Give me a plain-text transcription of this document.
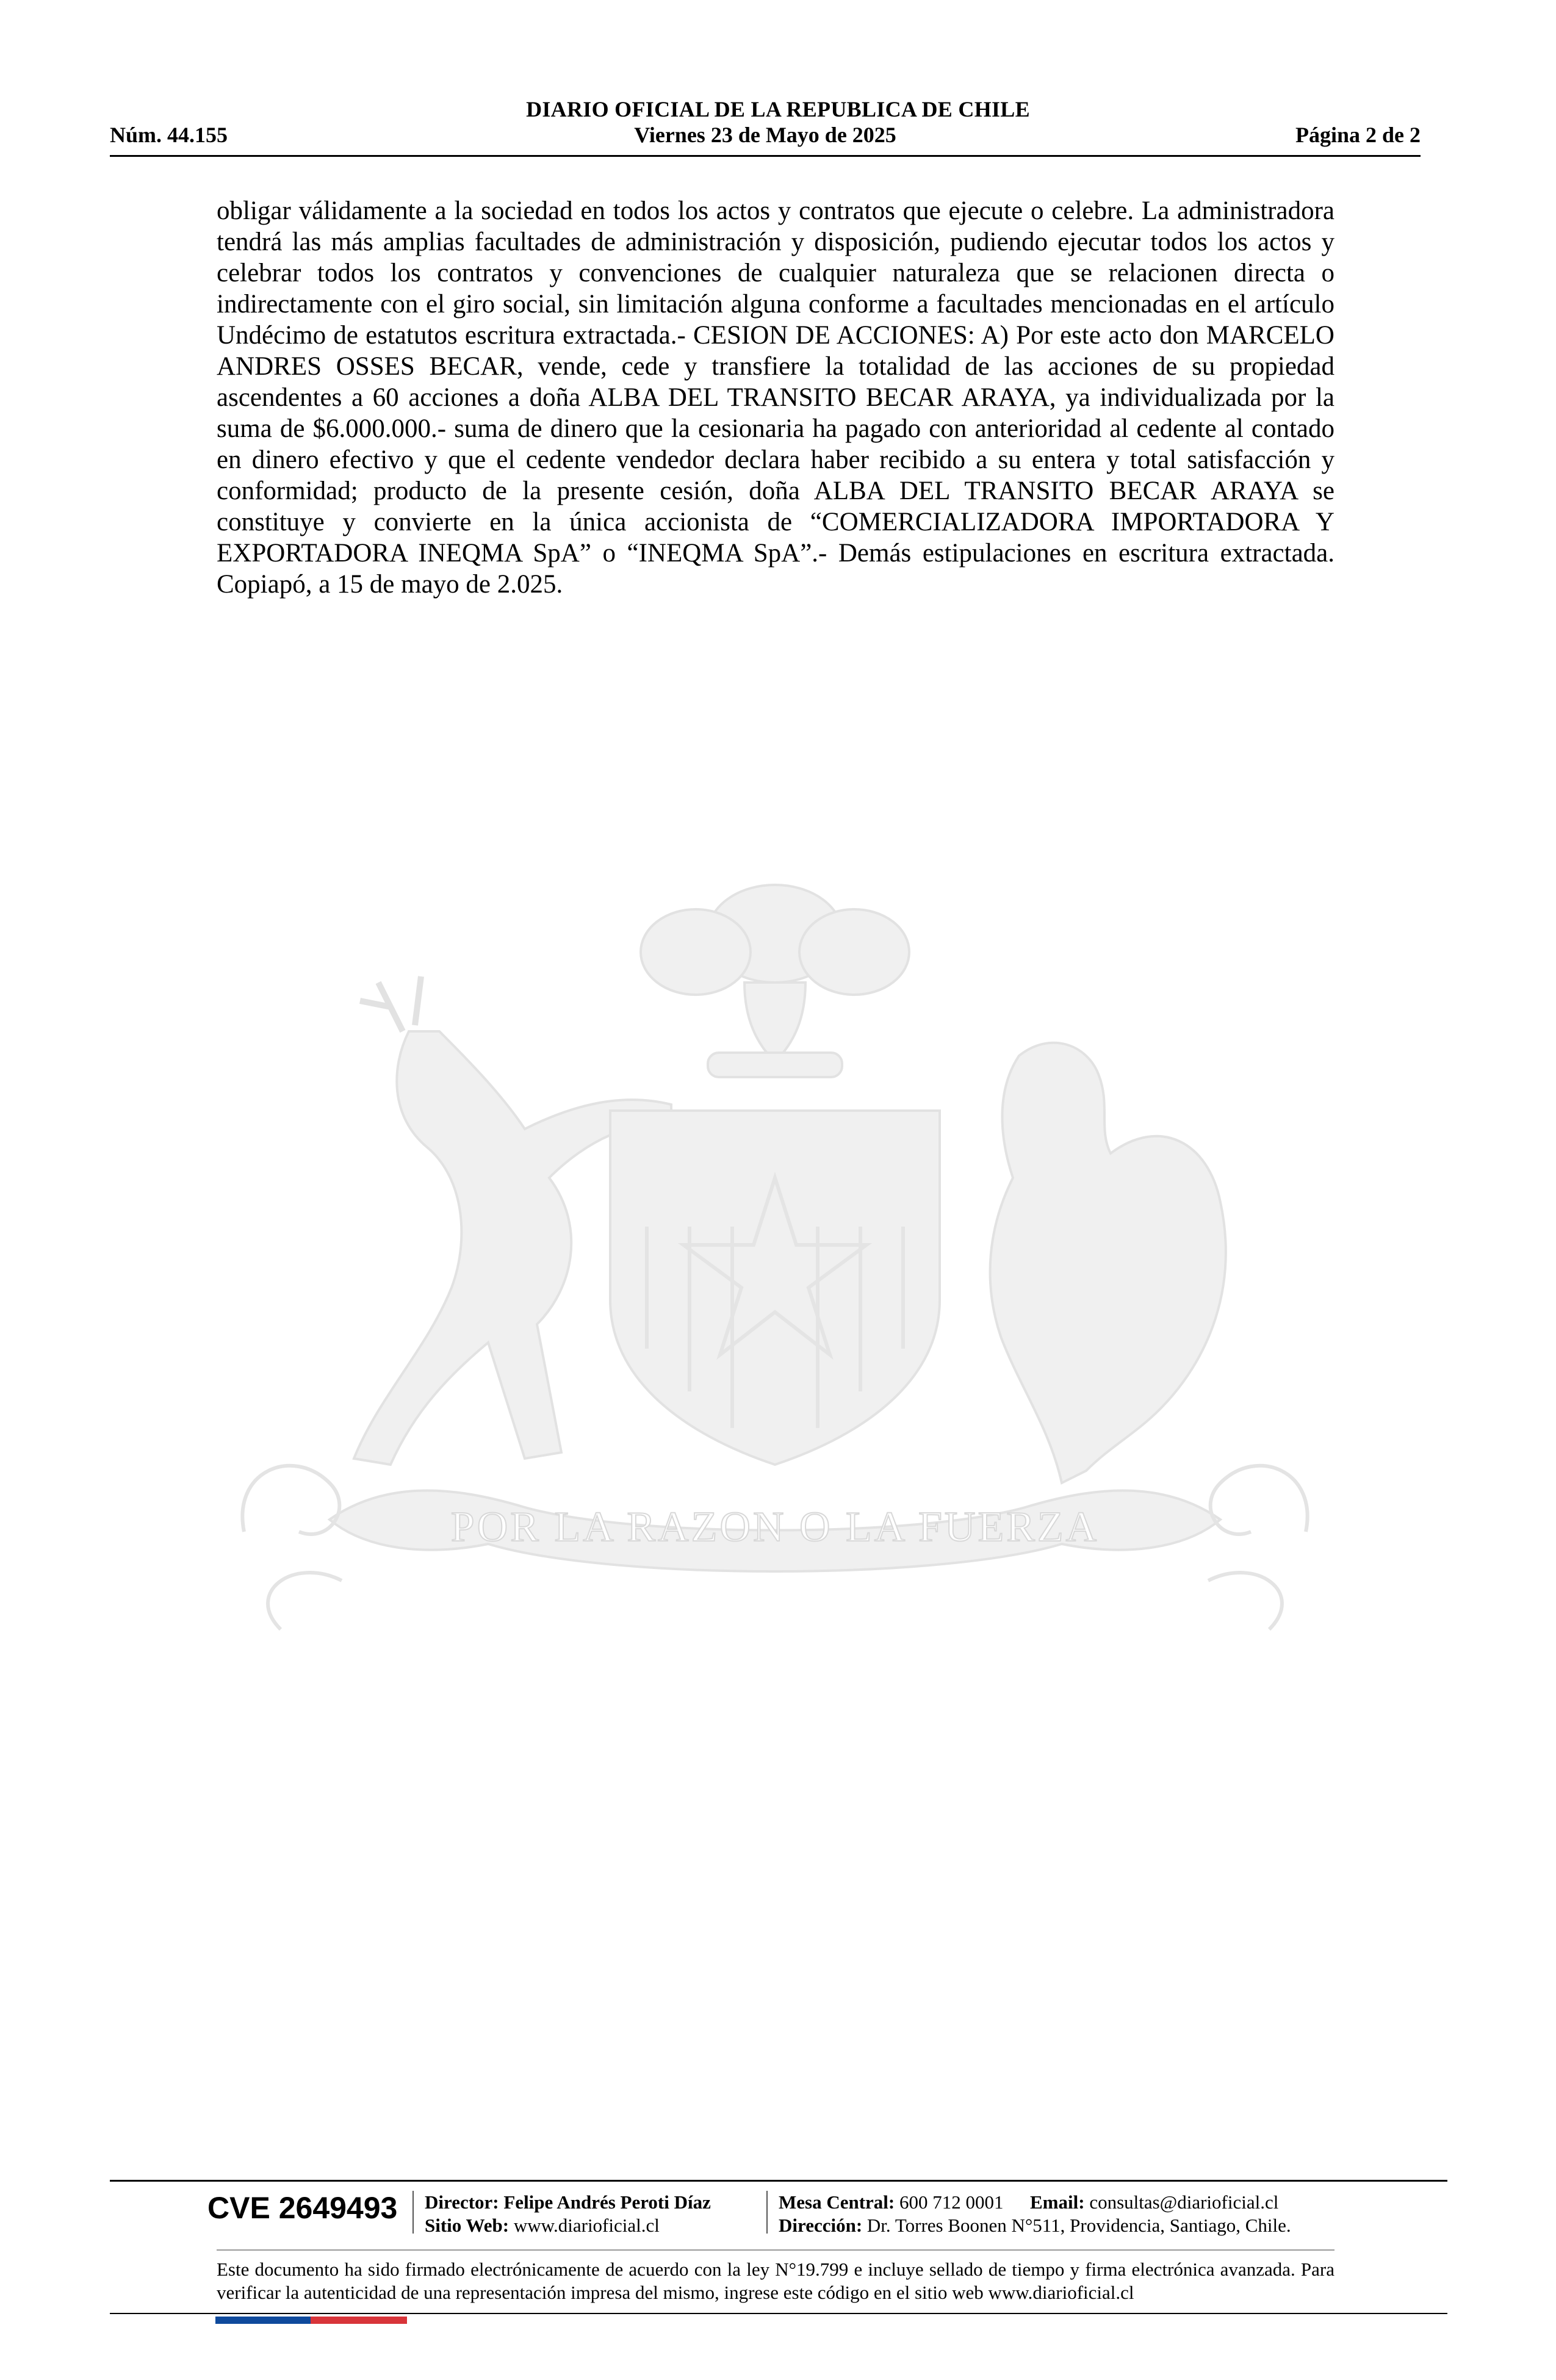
DIARIO OFICIAL DE LA REPUBLICA DE CHILE
Núm. 44.155	Viernes 23 de Mayo de 2025	Página 2 de 2
obligar válidamente a la sociedad en todos los actos y contratos que ejecute o celebre. La administradora tendrá las más amplias facultades de administración y disposición, pudiendo ejecutar todos los actos y celebrar todos los contratos y convenciones de cualquier naturaleza que se relacionen directa o indirectamente con el giro social, sin limitación alguna conforme a facultades mencionadas en el artículo Undécimo de estatutos escritura extractada.- CESION DE ACCIONES: A) Por este acto don MARCELO ANDRES OSSES BECAR, vende, cede y transfiere la totalidad de las acciones de su propiedad ascendentes a 60 acciones a doña ALBA DEL TRANSITO BECAR ARAYA, ya individualizada por la suma de $6.000.000.- suma de dinero que la cesionaria ha pagado con anterioridad al cedente al contado en dinero efectivo y que el cedente vendedor declara haber recibido a su entera y total satisfacción y conformidad; producto de la presente cesión, doña ALBA DEL TRANSITO BECAR ARAYA se constituye y convierte en la única accionista de “COMERCIALIZADORA IMPORTADORA Y EXPORTADORA INEQMA SpA” o “INEQMA SpA”.- Demás estipulaciones en escritura extractada. Copiapó, a 15 de mayo de 2.025.
POR LA RAZON O LA FUERZA
CVE 2649493 Director: Felipe Andrés Peroti Díaz
Sitio Web: www.diarioficial.cl
Mesa Central: 600 712 0001 Email: consultas@diarioficial.cl
Dirección: Dr. Torres Boonen N°511, Providencia, Santiago, Chile.
Este documento ha sido firmado electrónicamente de acuerdo con la ley N°19.799 e incluye sellado de tiempo y firma electrónica avanzada. Para verificar la autenticidad de una representación impresa del mismo, ingrese este código en el sitio web www.diarioficial.cl
